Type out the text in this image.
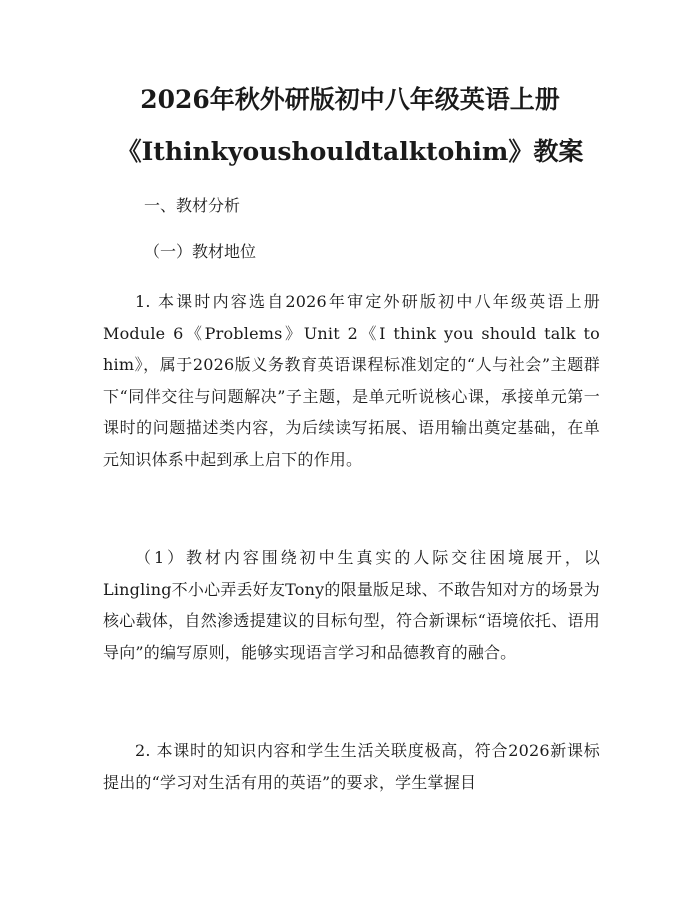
2026年秋外研版初中八年级英语上册
《Ithinkyoushouldtalktohim》教案
一、教材分析
（一）教材地位

1. 本课时内容选自2026年审定外研版初中八年级英语上册Module 6《Problems》Unit 2《I think you should talk to him》，属于2026版义务教育英语课程标准划定的“人与社会”主题群下“同伴交往与问题解决”子主题，是单元听说核心课，承接单元第一课时的问题描述类内容，为后续读写拓展、语用输出奠定基础，在单元知识体系中起到承上启下的作用。

（1）教材内容围绕初中生真实的人际交往困境展开，以Lingling不小心弄丢好友Tony的限量版足球、不敢告知对方的场景为核心载体，自然渗透提建议的目标句型，符合新课标“语境依托、语用导向”的编写原则，能够实现语言学习和品德教育的融合。

2. 本课时的知识内容和学生生活关联度极高，符合2026新课标提出的“学习对生活有用的英语”的要求，学生掌握目
